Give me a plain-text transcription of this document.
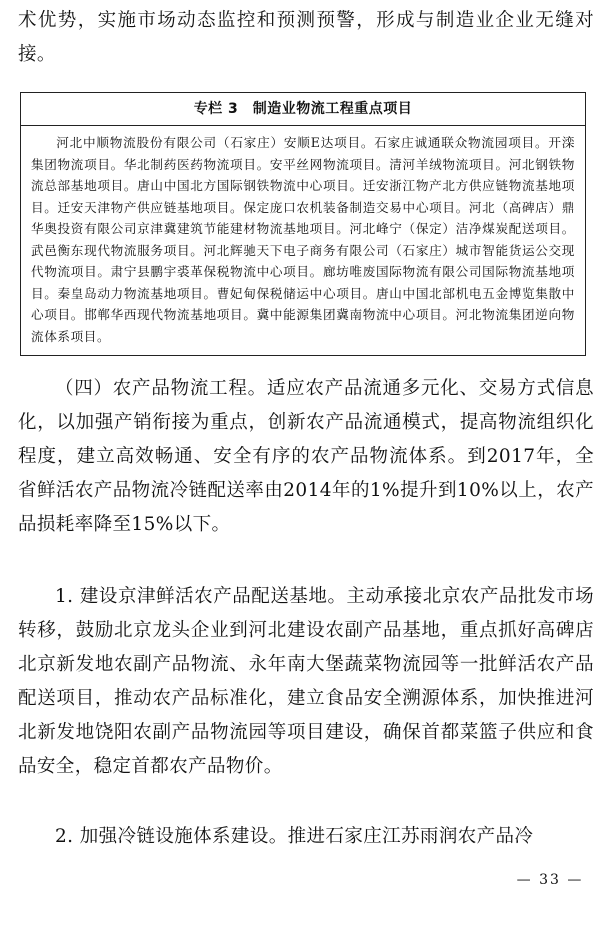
术优势，实施市场动态监控和预测预警，形成与制造业企业无缝对接。

专栏 3　制造业物流工程重点项目
河北中顺物流股份有限公司（石家庄）安顺E达项目。石家庄诚通联众物流园项目。开滦集团物流项目。华北制药医药物流项目。安平丝网物流项目。清河羊绒物流项目。河北钢铁物流总部基地项目。唐山中国北方国际钢铁物流中心项目。迁安浙江物产北方供应链物流基地项目。迁安天津物产供应链基地项目。保定庞口农机装备制造交易中心项目。河北（高碑店）鼎华奥投资有限公司京津冀建筑节能建材物流基地项目。河北峰宁（保定）洁净煤炭配送项目。武邑衡东现代物流服务项目。河北辉驰天下电子商务有限公司（石家庄）城市智能货运公交现代物流项目。肃宁县鹏宇裘革保税物流中心项目。廊坊唯废国际物流有限公司国际物流基地项目。秦皇岛动力物流基地项目。曹妃甸保税储运中心项目。唐山中国北部机电五金博览集散中心项目。邯郸华西现代物流基地项目。冀中能源集团冀南物流中心项目。河北物流集团逆向物流体系项目。

（四）农产品物流工程。适应农产品流通多元化、交易方式信息化，以加强产销衔接为重点，创新农产品流通模式，提高物流组织化程度，建立高效畅通、安全有序的农产品物流体系。到2017年，全省鲜活农产品物流冷链配送率由2014年的1%提升到10%以上，农产品损耗率降至15%以下。

1. 建设京津鲜活农产品配送基地。主动承接北京农产品批发市场转移，鼓励北京龙头企业到河北建设农副产品基地，重点抓好高碑店北京新发地农副产品物流、永年南大堡蔬菜物流园等一批鲜活农产品配送项目，推动农产品标准化，建立食品安全溯源体系，加快推进河北新发地饶阳农副产品物流园等项目建设，确保首都菜篮子供应和食品安全，稳定首都农产品物价。

2. 加强冷链设施体系建设。推进石家庄江苏雨润农产品冷

— 33 —
